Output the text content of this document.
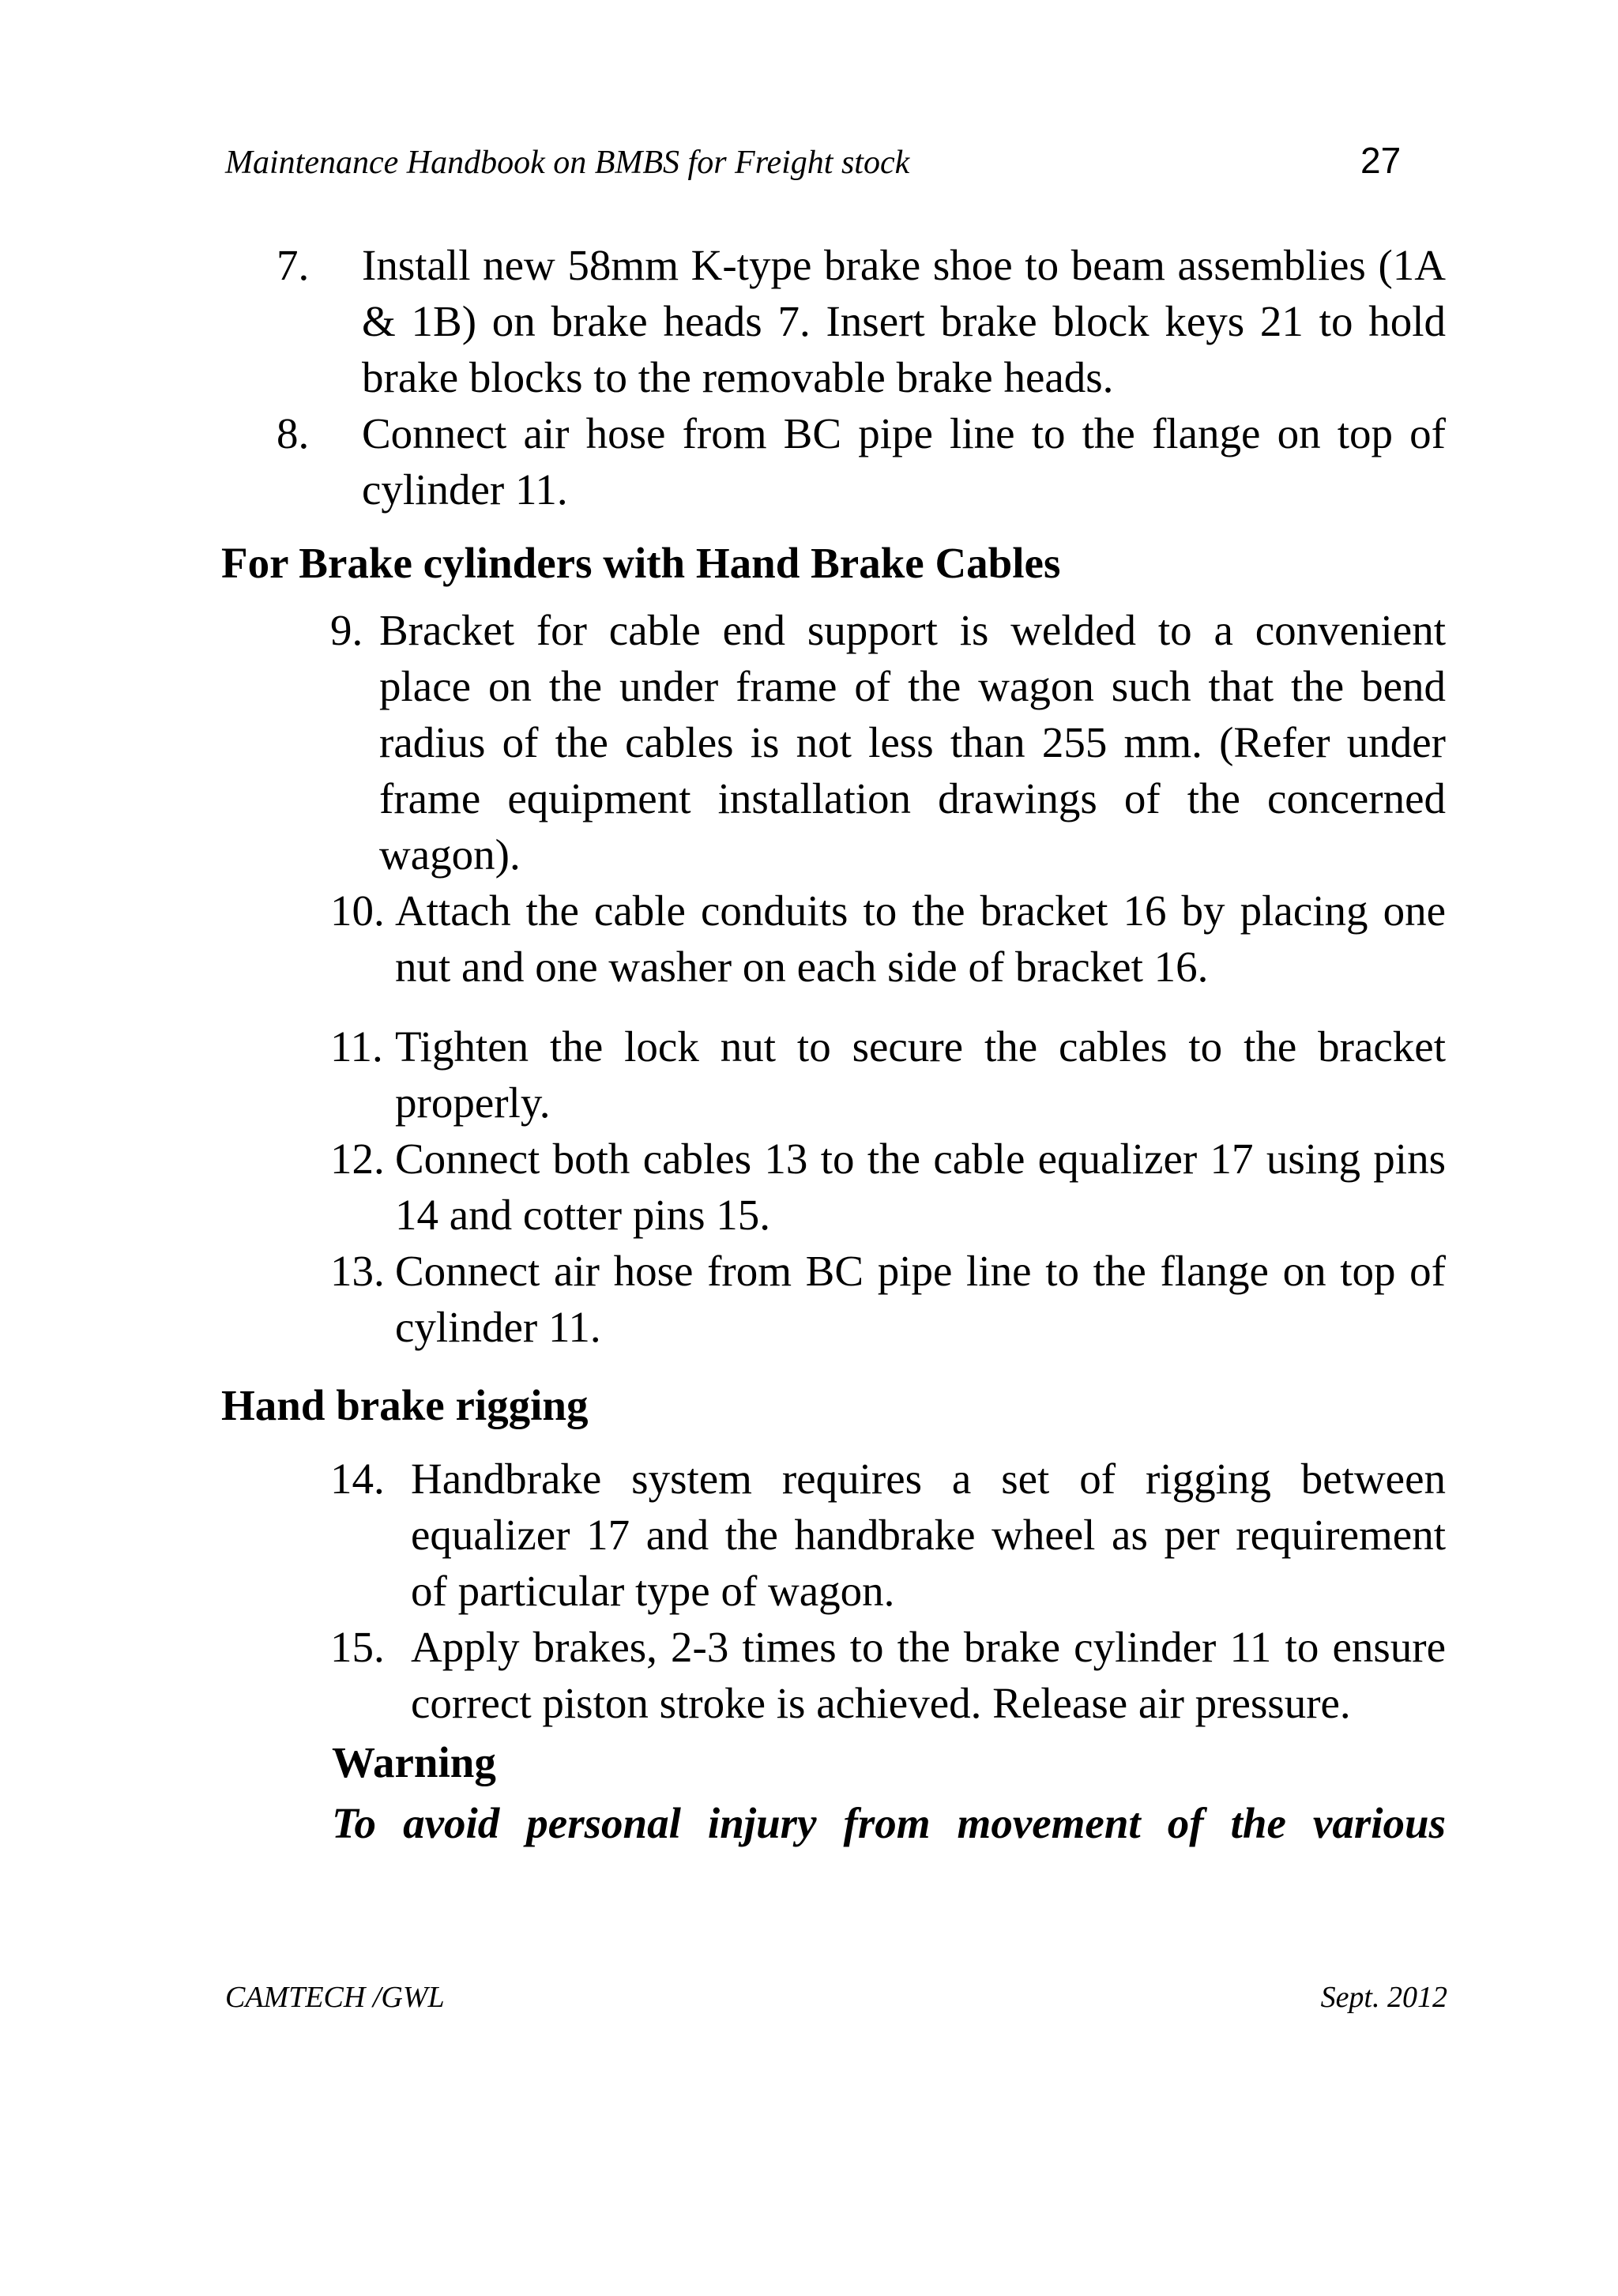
Maintenance Handbook on BMBS for Freight stock	27
7. Install new 58mm K-type brake shoe to beam assemblies (1A & 1B) on brake heads 7. Insert brake block keys 21 to hold brake blocks to the removable brake heads.
8. Connect air hose from BC pipe line to the flange on top of cylinder 11.
For Brake cylinders with Hand Brake Cables
9. Bracket for cable end support is welded to a convenient place on the under frame of the wagon such that the bend radius of the cables is not less than 255 mm. (Refer under frame equipment installation drawings of the concerned wagon).
10. Attach the cable conduits to the bracket 16 by placing one nut and one washer on each side of bracket 16.
11. Tighten the lock nut to secure the cables to the bracket properly.
12. Connect both cables 13 to the cable equalizer 17 using pins 14 and cotter pins 15.
13. Connect air hose from BC pipe line to the flange on top of cylinder 11.
Hand brake rigging
14. Handbrake system requires a set of rigging between equalizer 17 and the handbrake wheel as per requirement of particular type of wagon.
15. Apply brakes, 2-3 times to the brake cylinder 11 to ensure correct piston stroke is achieved. Release air pressure.
Warning
To avoid personal injury from movement of the various
CAMTECH /GWL	Sept. 2012
